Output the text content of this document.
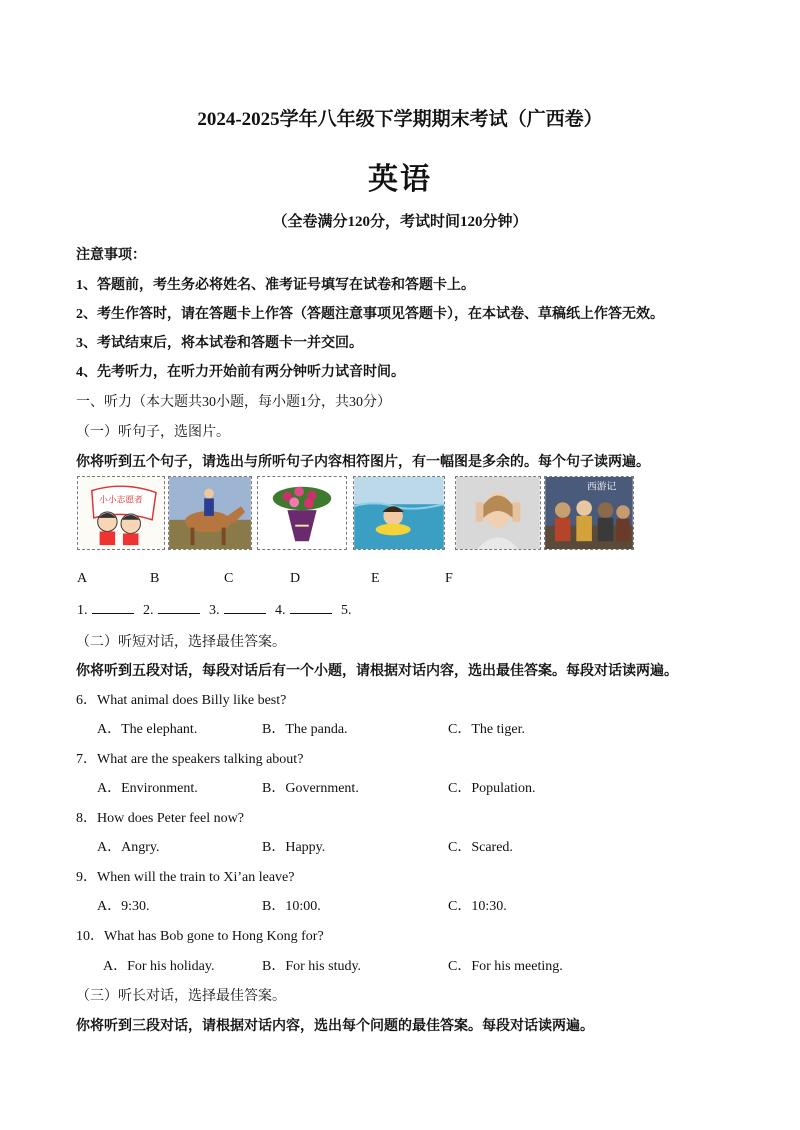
2024-2025学年八年级下学期期末考试（广西卷）
英语
（全卷满分120分，考试时间120分钟）
注意事项：
1、答题前，考生务必将姓名、准考证号填写在试卷和答题卡上。
2、考生作答时，请在答题卡上作答（答题注意事项见答题卡），在本试卷、草稿纸上作答无效。
3、考试结束后，将本试卷和答题卡一并交回。
4、先考听力，在听力开始前有两分钟听力试音时间。
一、听力（本大题共30小题，每小题1分，共30分）
（一）听句子，选图片。
你将听到五个句子，请选出与所听句子内容相符图片，有一幅图是多余的。每个句子读两遍。
小小志愿者
西游记
A	B	C	D	E	F
1.	2.	3.	4.	5.
（二）听短对话，选择最佳答案。
你将听到五段对话，每段对话后有一个小题，请根据对话内容，选出最佳答案。每段对话读两遍。
6．What animal does Billy like best?
A．The elephant.	B．The panda.	C．The tiger.
7．What are the speakers talking about?
A．Environment.	B．Government.	C．Population.
8．How does Peter feel now?
A．Angry.	B．Happy.	C．Scared.
9．When will the train to Xi’an leave?
A．9:30.	B．10:00.	C．10:30.
10．What has Bob gone to Hong Kong for?
A．For his holiday.	B．For his study.	C．For his meeting.
（三）听长对话，选择最佳答案。
你将听到三段对话，请根据对话内容，选出每个问题的最佳答案。每段对话读两遍。
